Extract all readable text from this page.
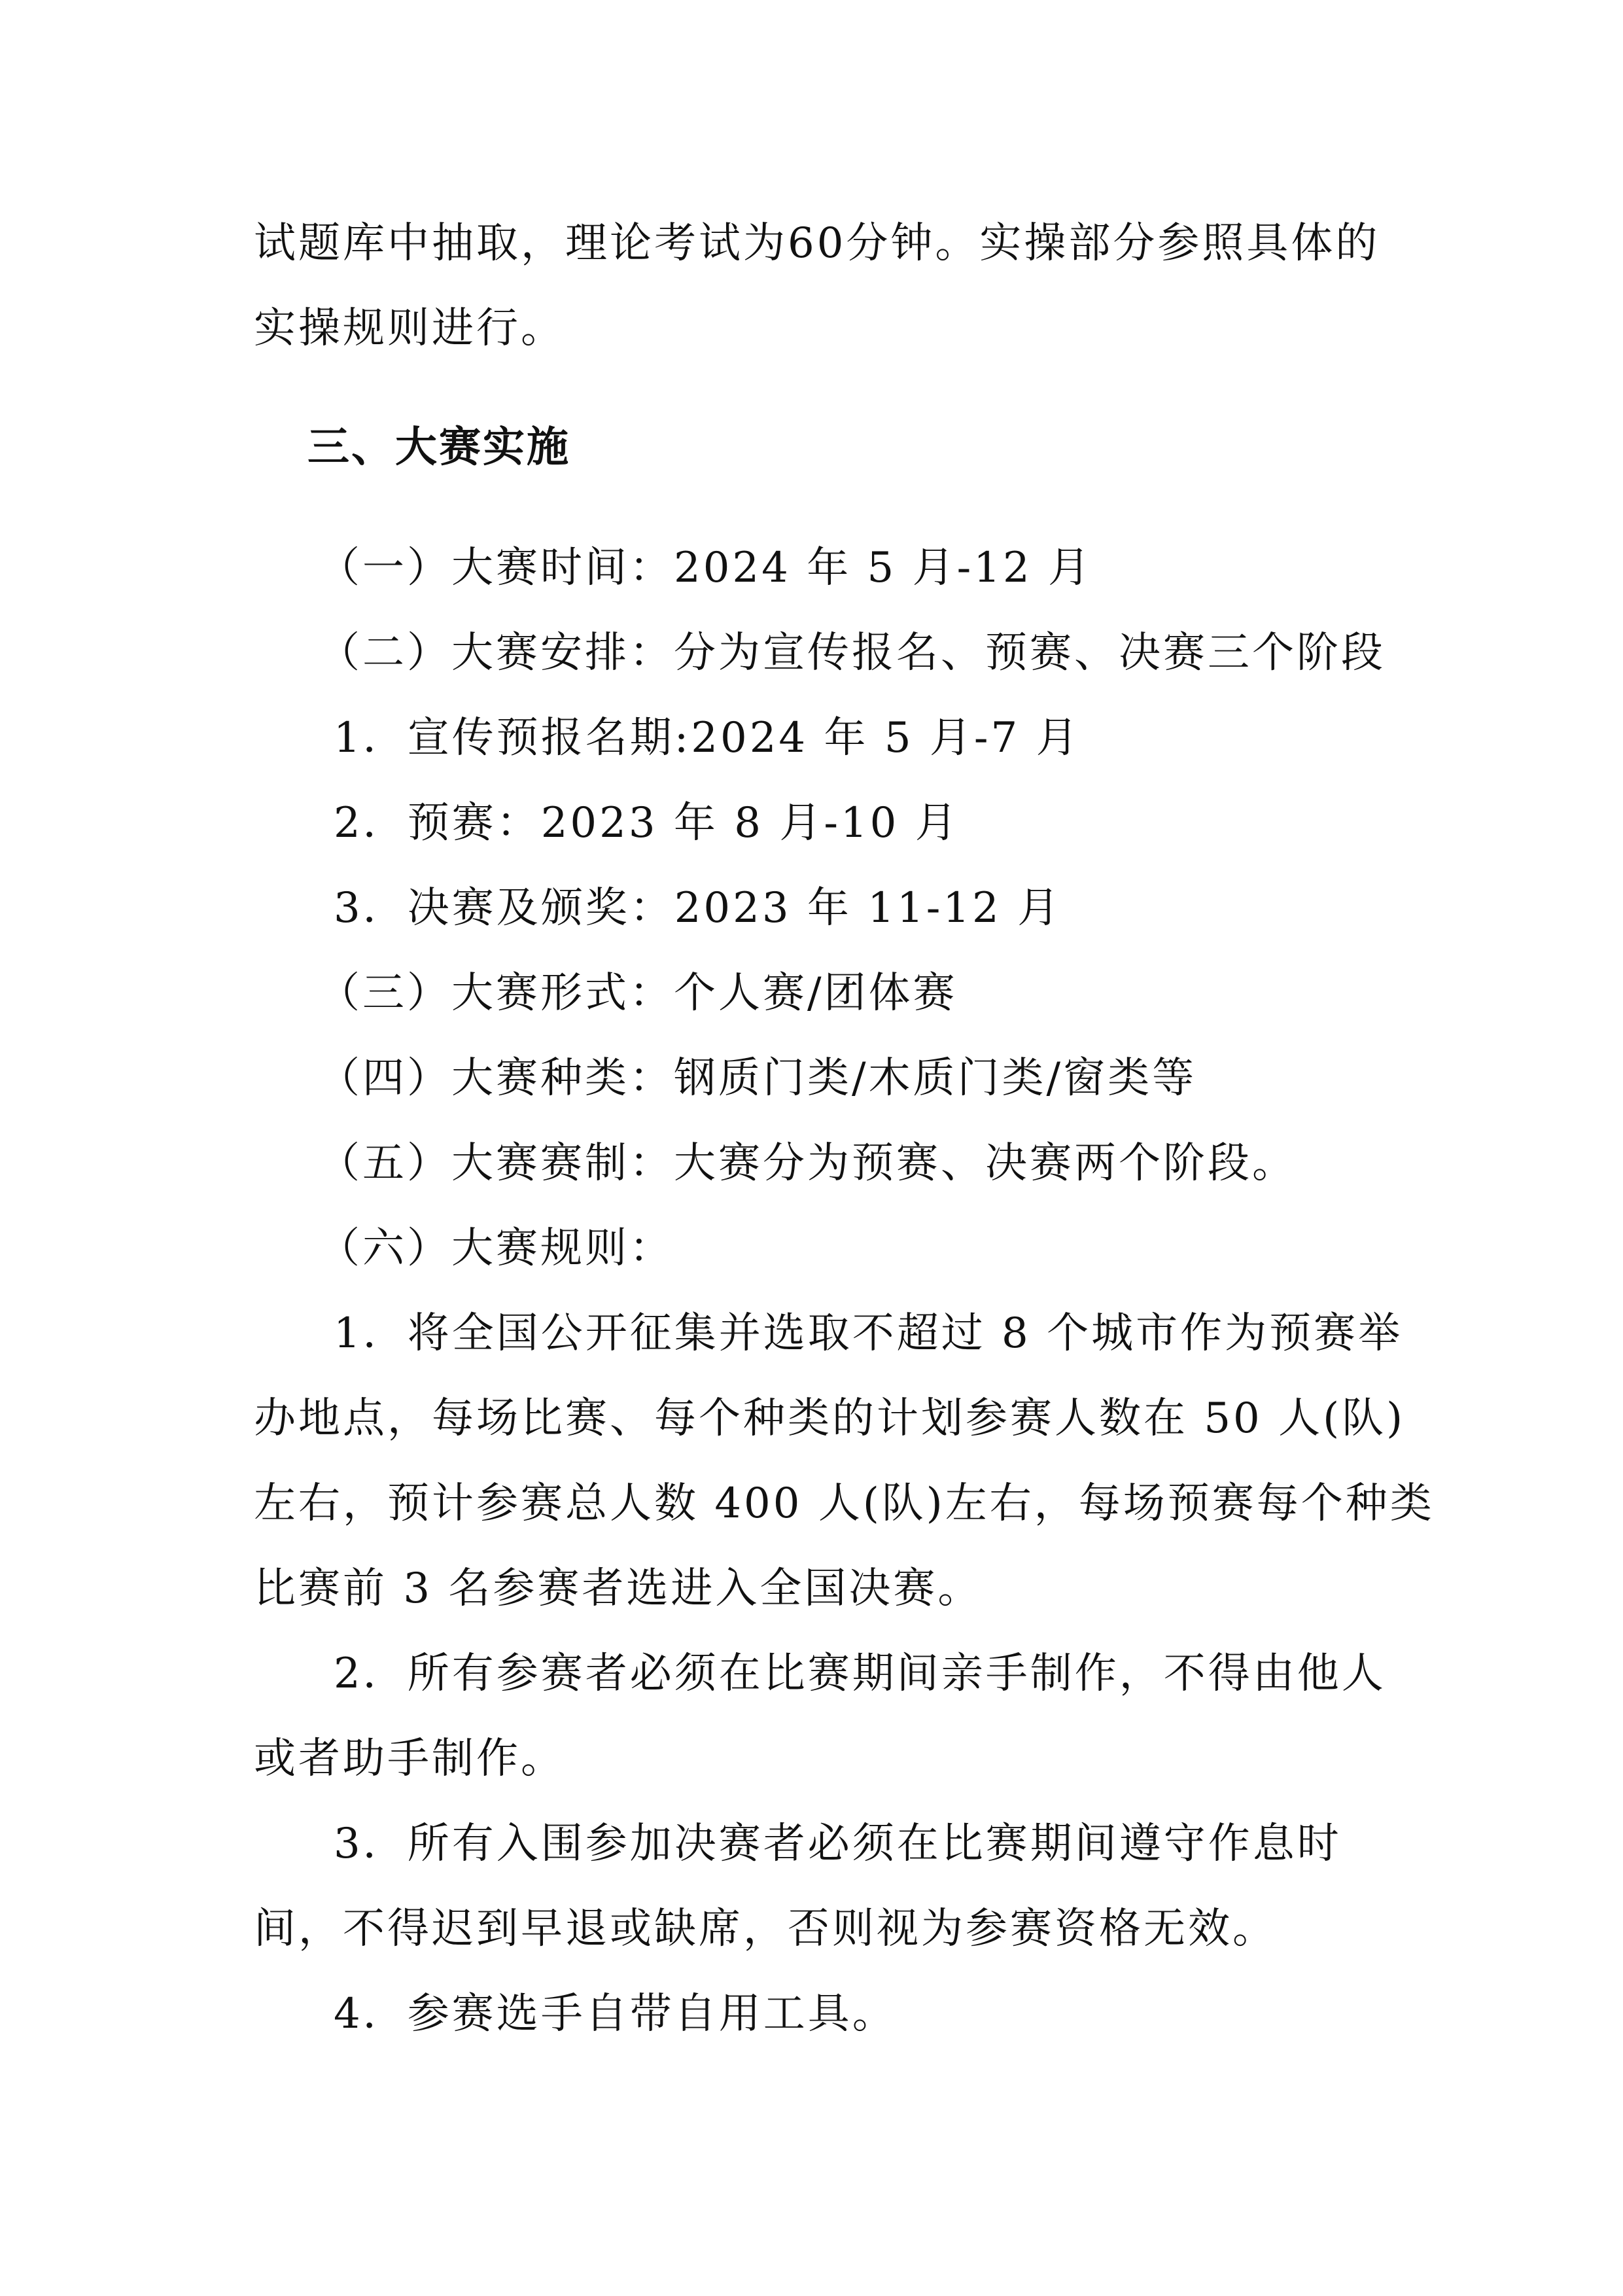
试题库中抽取，理论考试为60分钟。实操部分参照具体的
实操规则进行。
三、大赛实施
（一）大赛时间：2024 年 5 月-12 月
（二）大赛安排：分为宣传报名、预赛、决赛三个阶段
1．宣传预报名期:2024 年 5 月-7 月
2．预赛：2023 年 8 月-10 月
3．决赛及颁奖：2023 年 11-12 月
（三）大赛形式：个人赛/团体赛
（四）大赛种类：钢质门类/木质门类/窗类等
（五）大赛赛制：大赛分为预赛、决赛两个阶段。
（六）大赛规则：
1．将全国公开征集并选取不超过 8 个城市作为预赛举
办地点，每场比赛、每个种类的计划参赛人数在 50 人(队)
左右，预计参赛总人数 400 人(队)左右，每场预赛每个种类
比赛前 3 名参赛者选进入全国决赛。
2．所有参赛者必须在比赛期间亲手制作，不得由他人
或者助手制作。
3．所有入围参加决赛者必须在比赛期间遵守作息时
间，不得迟到早退或缺席，否则视为参赛资格无效。
4．参赛选手自带自用工具。
